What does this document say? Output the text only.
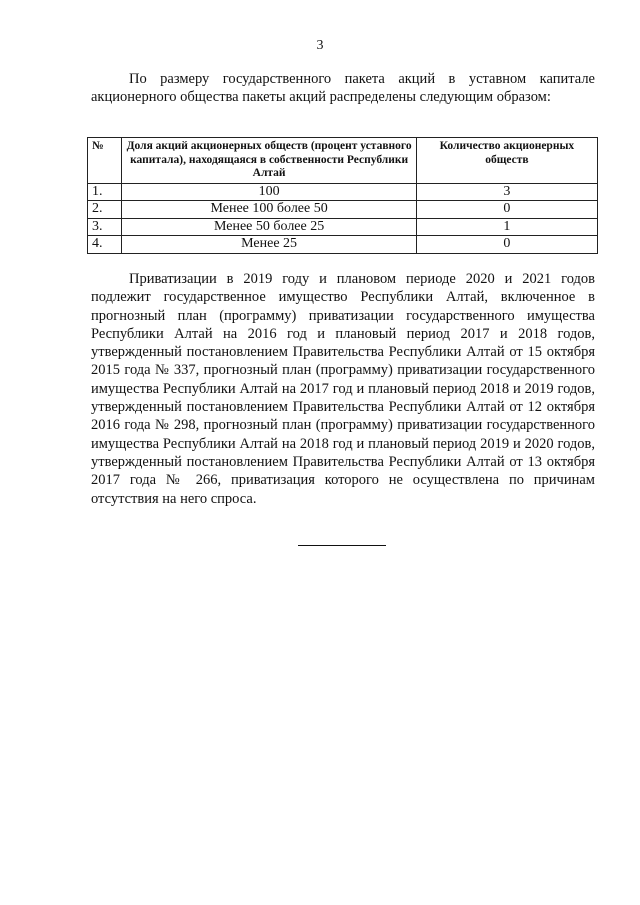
3

По размеру государственного пакета акций в уставном капитале акционерного общества пакеты акций распределены следующим образом:

№	Доля акций акционерных обществ (процент уставного капитала), находящаяся в собственности Республики Алтай	Количество акционерных обществ
1.	100	3
2.	Менее 100 более 50	0
3.	Менее 50 более 25	1
4.	Менее 25	0

Приватизации в 2019 году и плановом периоде 2020 и 2021 годов подлежит государственное имущество Республики Алтай, включенное в прогнозный план (программу) приватизации государственного имущества Республики Алтай на 2016 год и плановый период 2017 и 2018 годов, утвержденный постановлением Правительства Республики Алтай от 15 октября 2015 года № 337, прогнозный план (программу) приватизации государственного имущества Республики Алтай на 2017 год и плановый период 2018 и 2019 годов, утвержденный постановлением Правительства Республики Алтай от 12 октября 2016 года № 298, прогнозный план (программу) приватизации государственного имущества Республики Алтай на 2018 год и плановый период 2019 и 2020 годов, утвержденный постановлением Правительства Республики Алтай от 13 октября 2017 года № 266, приватизация которого не осуществлена по причинам отсутствия на него спроса.
